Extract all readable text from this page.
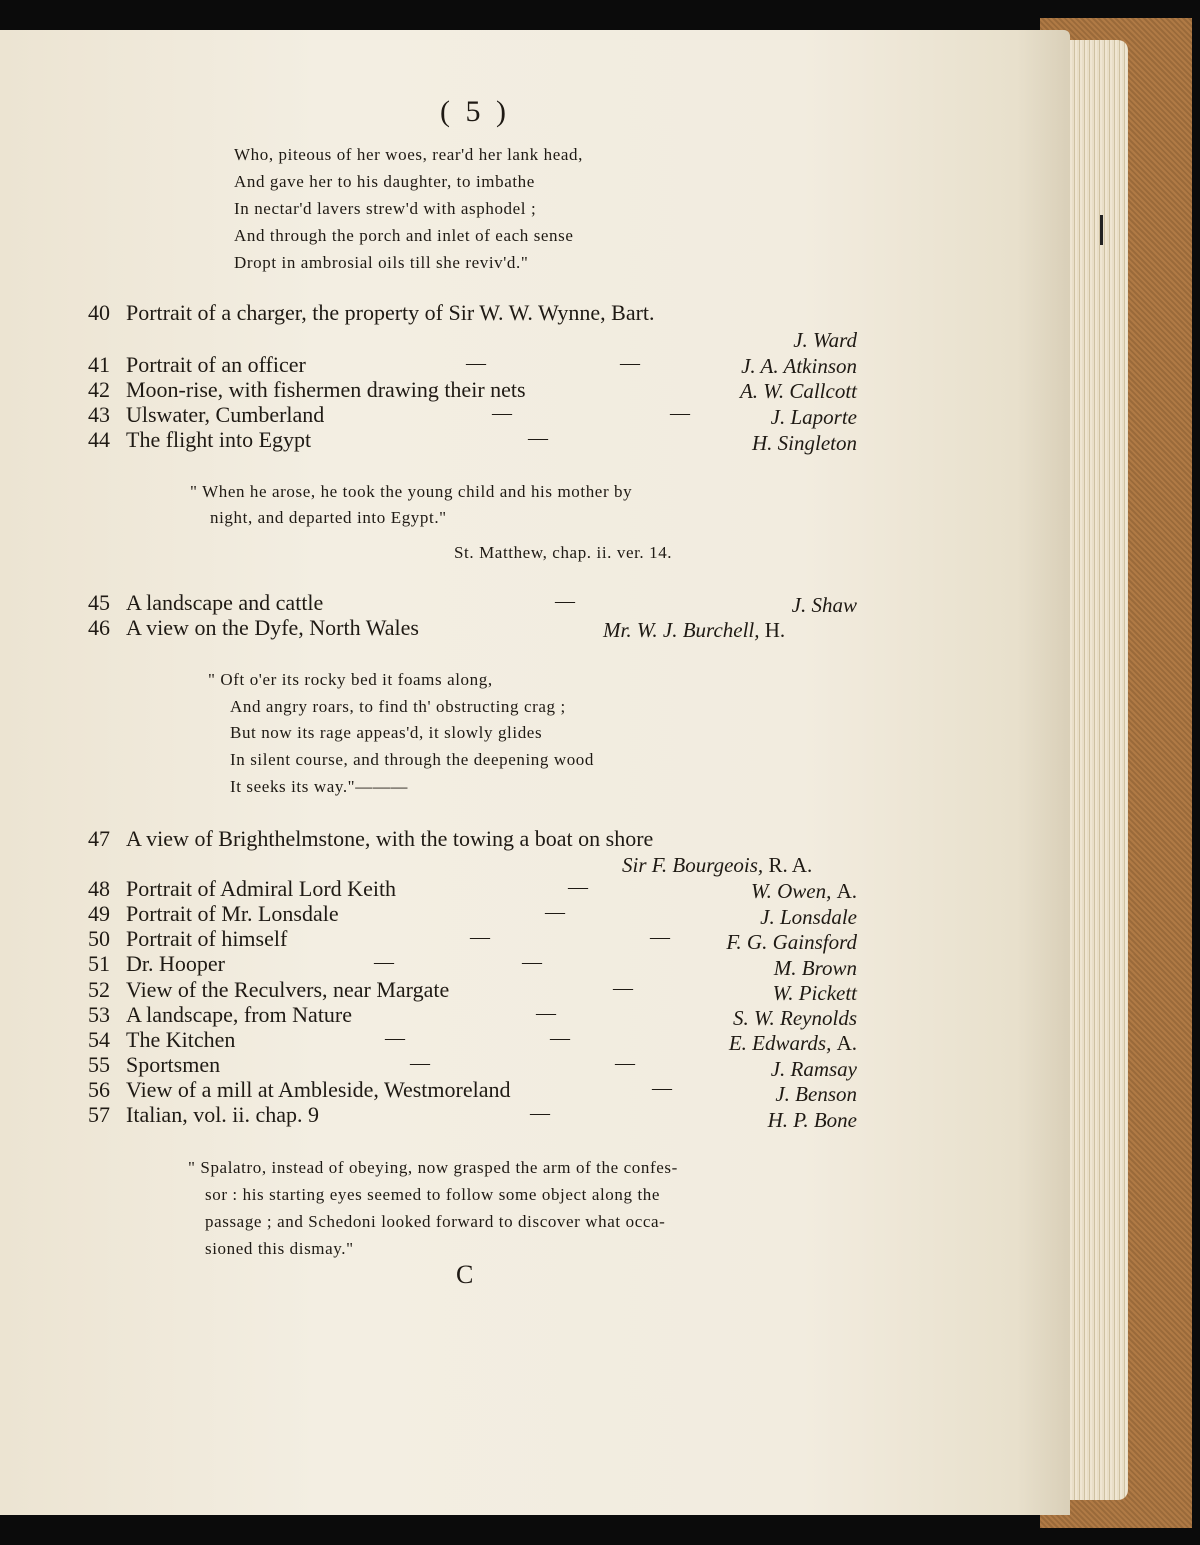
( 5 )
Who, piteous of her woes, rear'd her lank head,
And gave her to his daughter, to imbathe
In nectar'd lavers strew'd with asphodel ;
And through the porch and inlet of each sense
Dropt in ambrosial oils till she reviv'd."
40 Portrait of a charger, the property of Sir W. W. Wynne, Bart.
J. Ward
41 Portrait of an officer	—	—	J. A. Atkinson
42 Moon-rise, with fishermen drawing their nets	A. W. Callcott
43 Ulswater, Cumberland	—	—	J. Laporte
44 The flight into Egypt	—	H. Singleton
" When he arose, he took the young child and his mother by
night, and departed into Egypt."
St. Matthew, chap. ii. ver. 14.
45 A landscape and cattle	—	J. Shaw
46 A view on the Dyfe, North Wales	Mr. W. J. Burchell, H.
" Oft o'er its rocky bed it foams along,
And angry roars, to find th' obstructing crag ;
But now its rage appeas'd, it slowly glides
In silent course, and through the deepening wood
It seeks its way."———
47 A view of Brighthelmstone, with the towing a boat on shore
Sir F. Bourgeois, R. A.
48 Portrait of Admiral Lord Keith	—	W. Owen, A.
49 Portrait of Mr. Lonsdale	—	J. Lonsdale
50 Portrait of himself	—	—	F. G. Gainsford
51 Dr. Hooper	—	—	M. Brown
52 View of the Reculvers, near Margate	—	W. Pickett
53 A landscape, from Nature	—	S. W. Reynolds
54 The Kitchen	—	—	E. Edwards, A.
55 Sportsmen	—	—	J. Ramsay
56 View of a mill at Ambleside, Westmoreland	—	J. Benson
57 Italian, vol. ii. chap. 9	—	H. P. Bone
" Spalatro, instead of obeying, now grasped the arm of the confes-
sor : his starting eyes seemed to follow some object along the
passage ; and Schedoni looked forward to discover what occa-
sioned this dismay."
C
